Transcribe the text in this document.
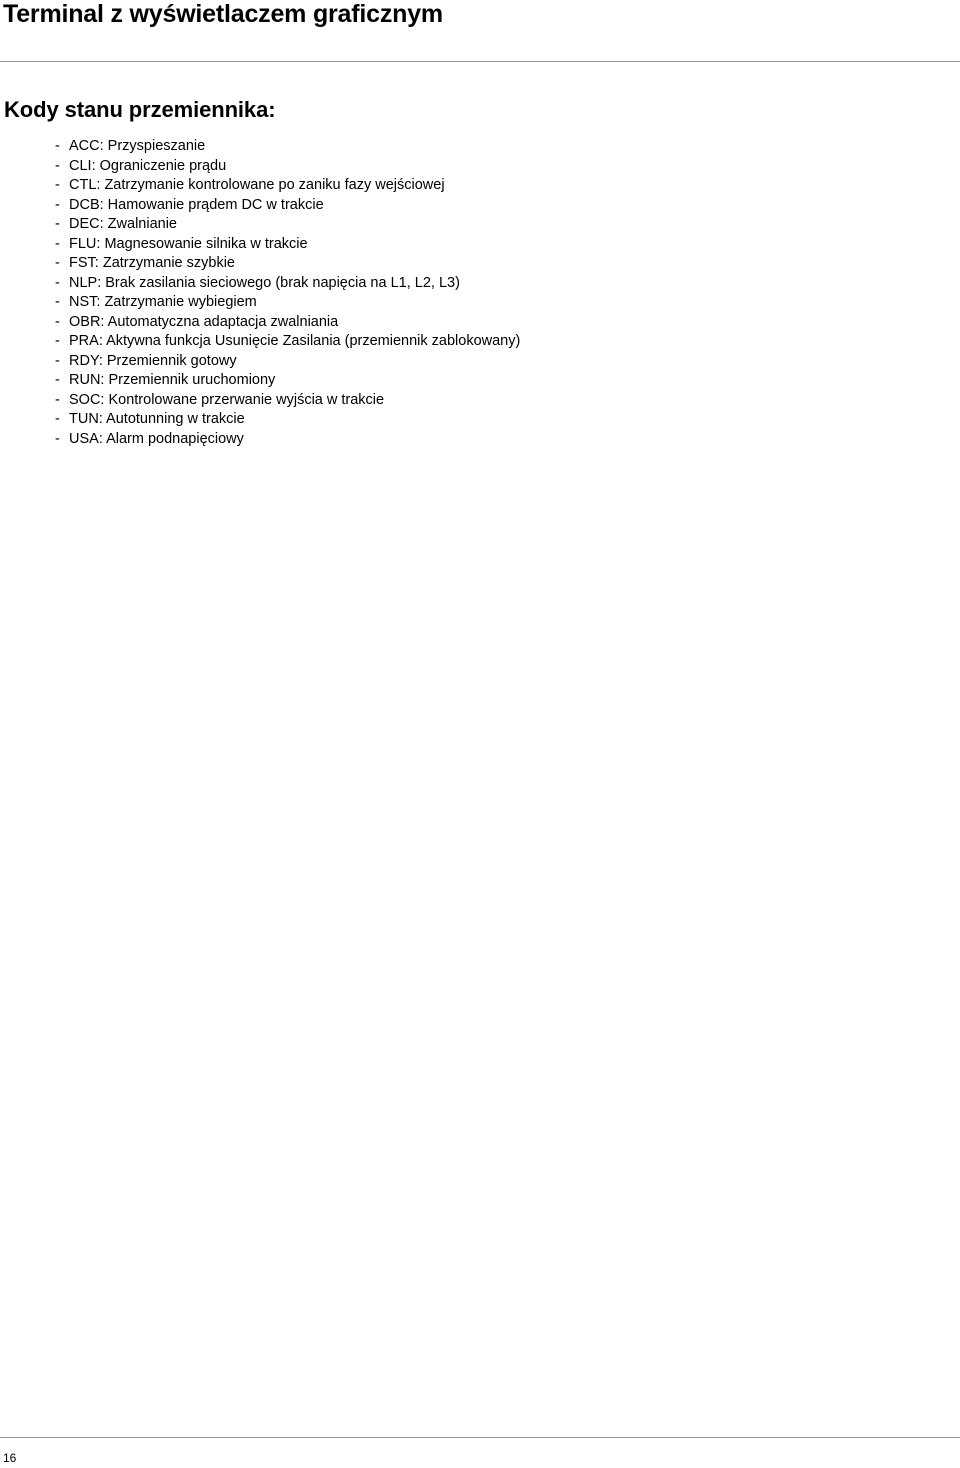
Terminal z wyświetlaczem graficznym
Kody stanu przemiennika:
- ACC: Przyspieszanie
- CLI: Ograniczenie prądu
- CTL: Zatrzymanie kontrolowane po zaniku fazy wejściowej
- DCB: Hamowanie prądem DC w trakcie
- DEC: Zwalnianie
- FLU: Magnesowanie silnika w trakcie
- FST: Zatrzymanie szybkie
- NLP: Brak zasilania sieciowego (brak napięcia na L1, L2, L3)
- NST: Zatrzymanie wybiegiem
- OBR: Automatyczna adaptacja zwalniania
- PRA: Aktywna funkcja Usunięcie Zasilania (przemiennik zablokowany)
- RDY: Przemiennik gotowy
- RUN: Przemiennik uruchomiony
- SOC: Kontrolowane przerwanie wyjścia w trakcie
- TUN: Autotunning w trakcie
- USA: Alarm podnapięciowy
16
